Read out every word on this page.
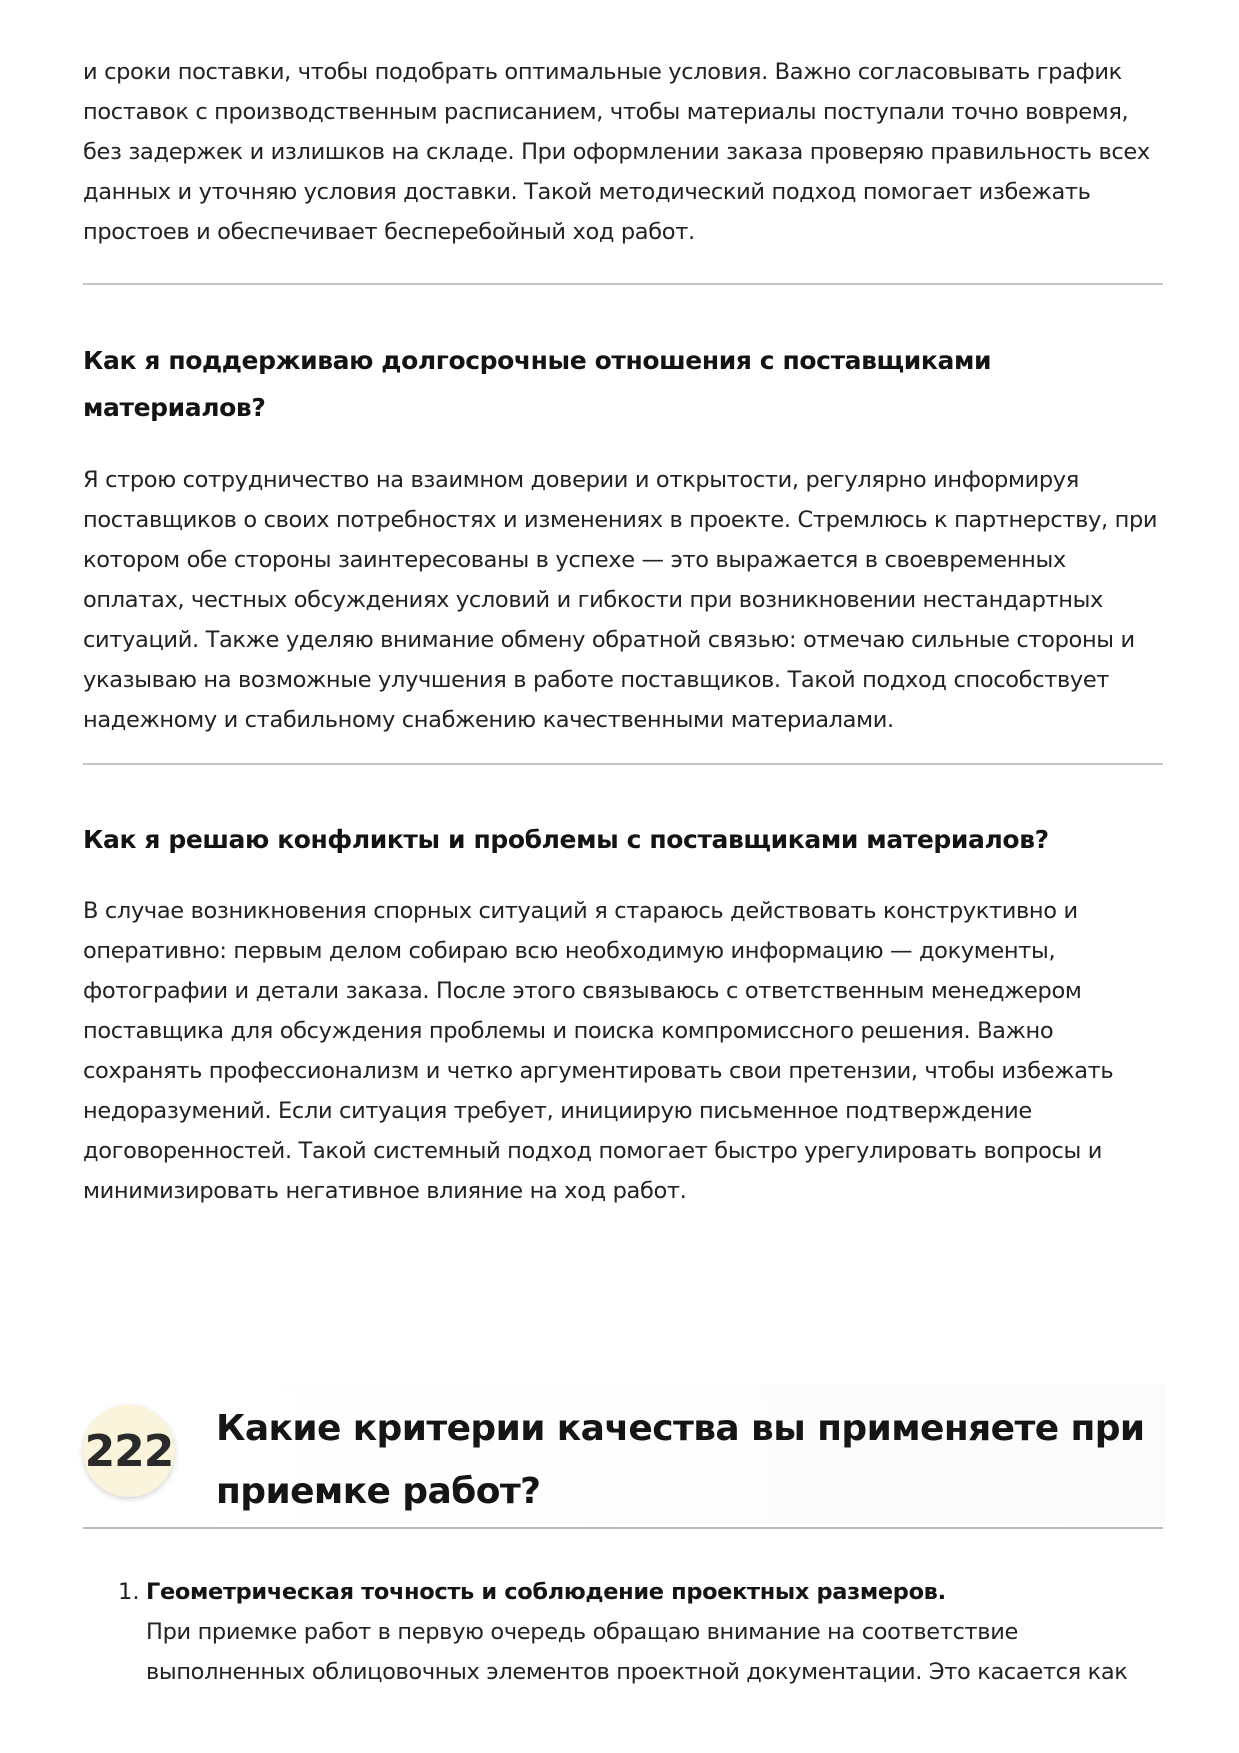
и сроки поставки, чтобы подобрать оптимальные условия. Важно согласовывать график
поставок с производственным расписанием, чтобы материалы поступали точно вовремя,
без задержек и излишков на складе. При оформлении заказа проверяю правильность всех
данных и уточняю условия доставки. Такой методический подход помогает избежать
простоев и обеспечивает бесперебойный ход работ.

Как я поддерживаю долгосрочные отношения с поставщиками
материалов?

Я строю сотрудничество на взаимном доверии и открытости, регулярно информируя
поставщиков о своих потребностях и изменениях в проекте. Стремлюсь к партнерству, при
котором обе стороны заинтересованы в успехе — это выражается в своевременных
оплатах, честных обсуждениях условий и гибкости при возникновении нестандартных
ситуаций. Также уделяю внимание обмену обратной связью: отмечаю сильные стороны и
указываю на возможные улучшения в работе поставщиков. Такой подход способствует
надежному и стабильному снабжению качественными материалами.

Как я решаю конфликты и проблемы с поставщиками материалов?

В случае возникновения спорных ситуаций я стараюсь действовать конструктивно и
оперативно: первым делом собираю всю необходимую информацию — документы,
фотографии и детали заказа. После этого связываюсь с ответственным менеджером
поставщика для обсуждения проблемы и поиска компромиссного решения. Важно
сохранять профессионализм и четко аргументировать свои претензии, чтобы избежать
недоразумений. Если ситуация требует, инициирую письменное подтверждение
договоренностей. Такой системный подход помогает быстро урегулировать вопросы и
минимизировать негативное влияние на ход работ.

222 Какие критерии качества вы применяете при
приемке работ?
1. Геометрическая точность и соблюдение проектных размеров.
При приемке работ в первую очередь обращаю внимание на соответствие
выполненных облицовочных элементов проектной документации. Это касается как
